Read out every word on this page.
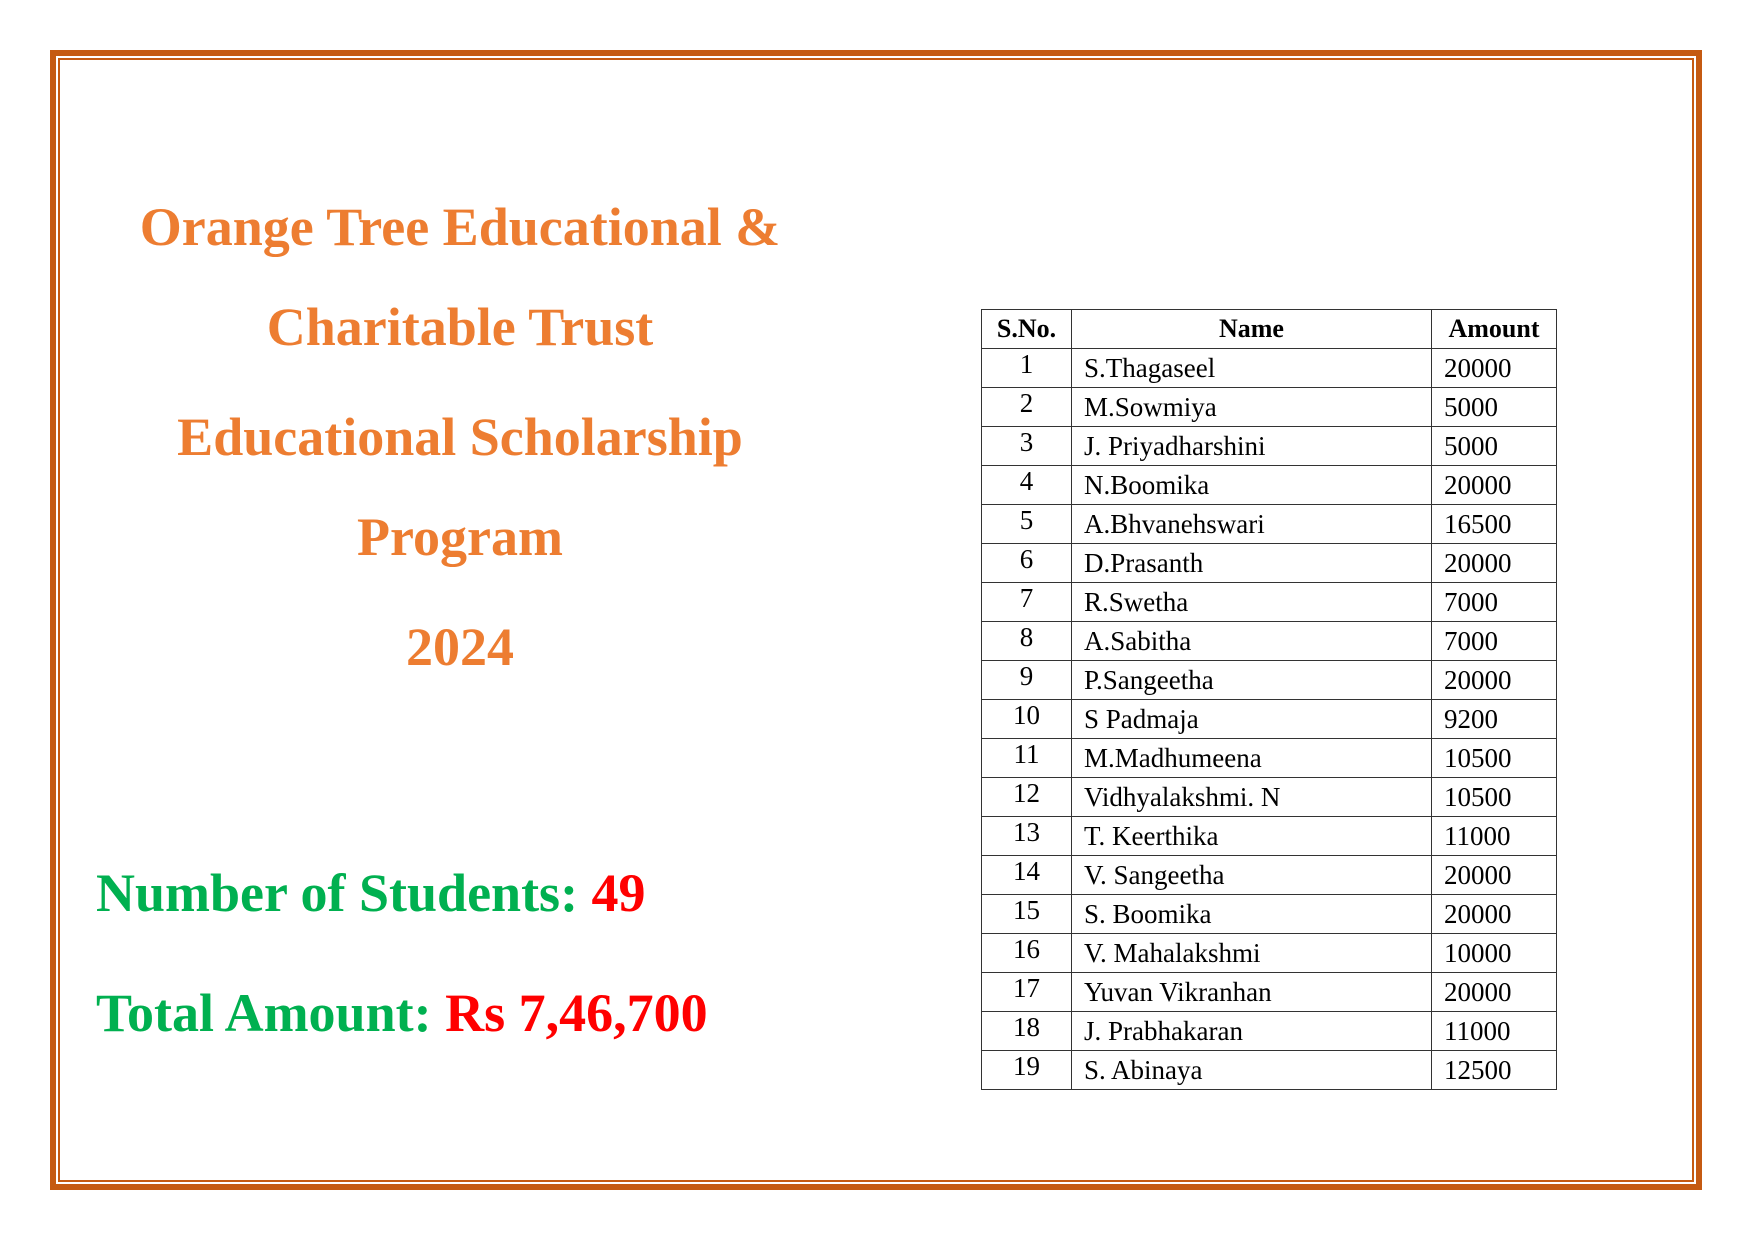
Orange Tree Educational &
Charitable Trust
Educational Scholarship
Program
2024
Number of Students: 49
Total Amount: Rs 7,46,700
S.No.	Name	Amount
1	S.Thagaseel	20000
2	M.Sowmiya	5000
3	J. Priyadharshini	5000
4	N.Boomika	20000
5	A.Bhvanehswari	16500
6	D.Prasanth	20000
7	R.Swetha	7000
8	A.Sabitha	7000
9	P.Sangeetha	20000
10	S Padmaja	9200
11	M.Madhumeena	10500
12	Vidhyalakshmi. N	10500
13	T. Keerthika	11000
14	V. Sangeetha	20000
15	S. Boomika	20000
16	V. Mahalakshmi	10000
17	Yuvan Vikranhan	20000
18	J. Prabhakaran	11000
19	S. Abinaya	12500
